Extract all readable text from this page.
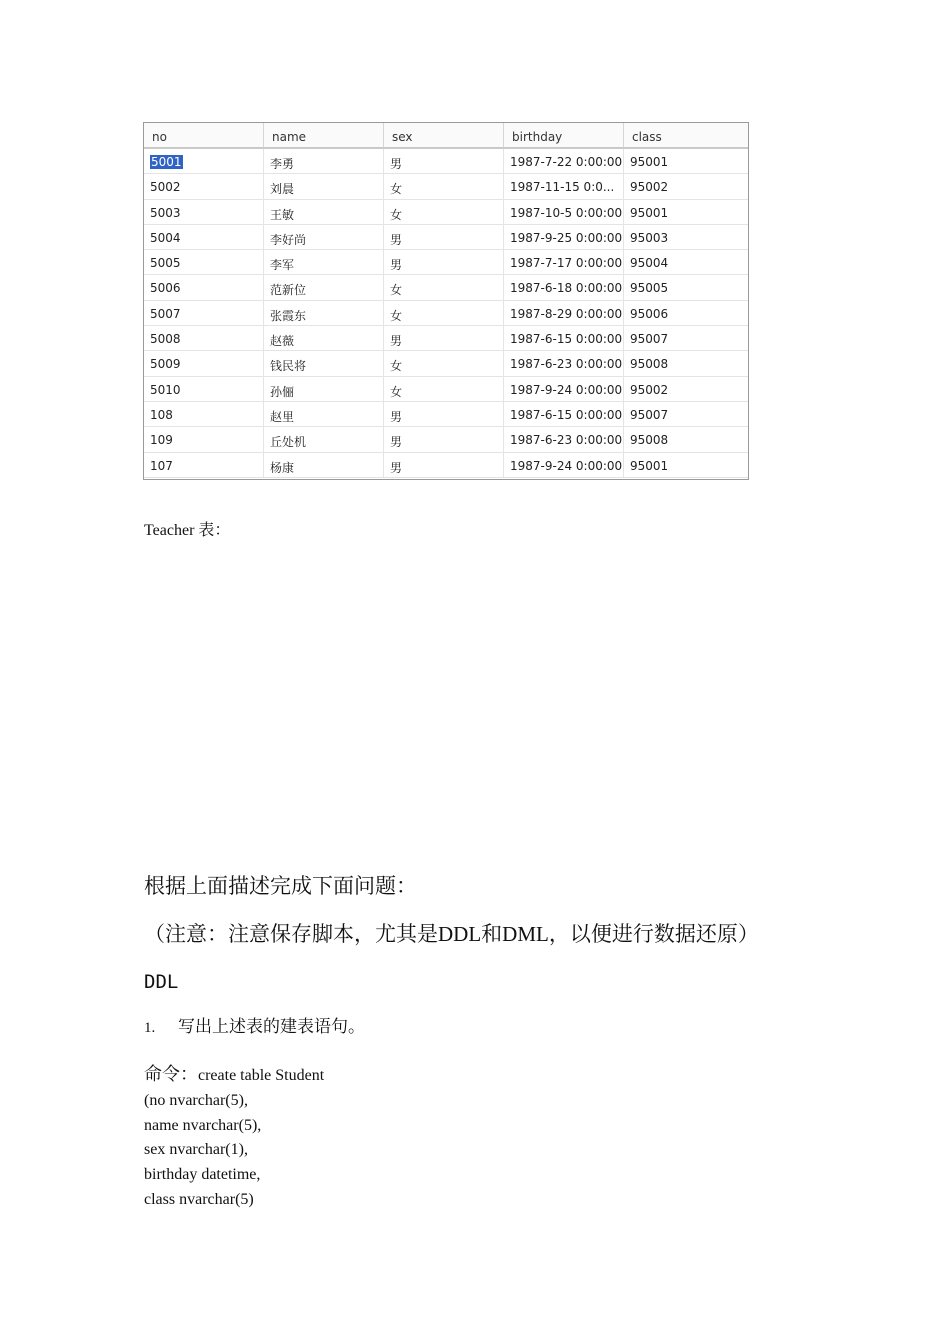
no	name	sex	birthday	class
5001	李勇	男	1987-7-22 0:00:00 95001
5002	刘晨	女	1987-11-15 0:0...	95002
5003	王敏	女	1987-10-5 0:00:00 95001
5004	李好尚	男	1987-9-25 0:00:00 95003
5005	李军	男	1987-7-17 0:00:00 95004
5006	范新位	女	1987-6-18 0:00:00 95005
5007	张霞东	女	1987-8-29 0:00:00 95006
5008	赵薇	男	1987-6-15 0:00:00 95007
5009	钱民将	女	1987-6-23 0:00:00 95008
5010	孙俪	女	1987-9-24 0:00:00 95002
108	赵里	男	1987-6-15 0:00:00 95007
109	丘处机	男	1987-6-23 0:00:00 95008
107	杨康	男	1987-9-24 0:00:00 95001
Teacher 表：
根据上面描述完成下面问题：
（注意：注意保存脚本，尤其是DDL和DML，以便进行数据还原）
DDL
1. 写出上述表的建表语句。
命令：create table Student
(no nvarchar(5),
name nvarchar(5),
sex nvarchar(1),
birthday datetime,
class nvarchar(5)
